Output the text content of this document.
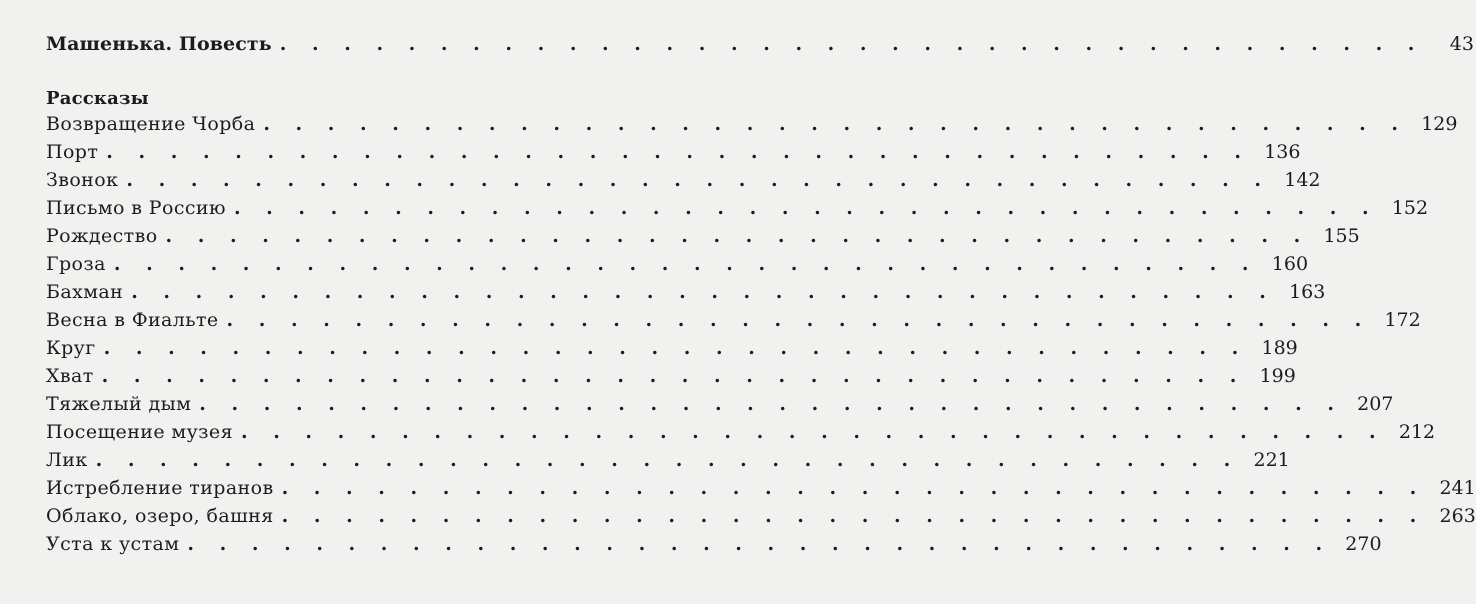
Машенька. Повесть . . . . . . . . . . . . . . . . . . . . . . . . . . . . . . . . . . . .	43
Рассказы
Возвращение Чорба . . . . . . . . . . . . . . . . . . . . . . . . . . . . . . . . . . . . 129
Порт . . . . . . . . . . . . . . . . . . . . . . . . . . . . . . . . . . . . 136
Звонок . . . . . . . . . . . . . . . . . . . . . . . . . . . . . . . . . . . . 142
Письмо в Россию . . . . . . . . . . . . . . . . . . . . . . . . . . . . . . . . . . . . 152
Рождество . . . . . . . . . . . . . . . . . . . . . . . . . . . . . . . . . . . . 155
Гроза . . . . . . . . . . . . . . . . . . . . . . . . . . . . . . . . . . . . 160
Бахман . . . . . . . . . . . . . . . . . . . . . . . . . . . . . . . . . . . . 163
Весна в Фиальте . . . . . . . . . . . . . . . . . . . . . . . . . . . . . . . . . . . . 172
Круг . . . . . . . . . . . . . . . . . . . . . . . . . . . . . . . . . . . . 189
Хват . . . . . . . . . . . . . . . . . . . . . . . . . . . . . . . . . . . . 199
Тяжелый дым . . . . . . . . . . . . . . . . . . . . . . . . . . . . . . . . . . . . 207
Посещение музея . . . . . . . . . . . . . . . . . . . . . . . . . . . . . . . . . . . . 212
Лик . . . . . . . . . . . . . . . . . . . . . . . . . . . . . . . . . . . . 221
Истребление тиранов . . . . . . . . . . . . . . . . . . . . . . . . . . . . . . . . . . . . 241
Облако, озеро, башня . . . . . . . . . . . . . . . . . . . . . . . . . . . . . . . . . . . . 263
Уста к устам . . . . . . . . . . . . . . . . . . . . . . . . . . . . . . . . . . . . 270
